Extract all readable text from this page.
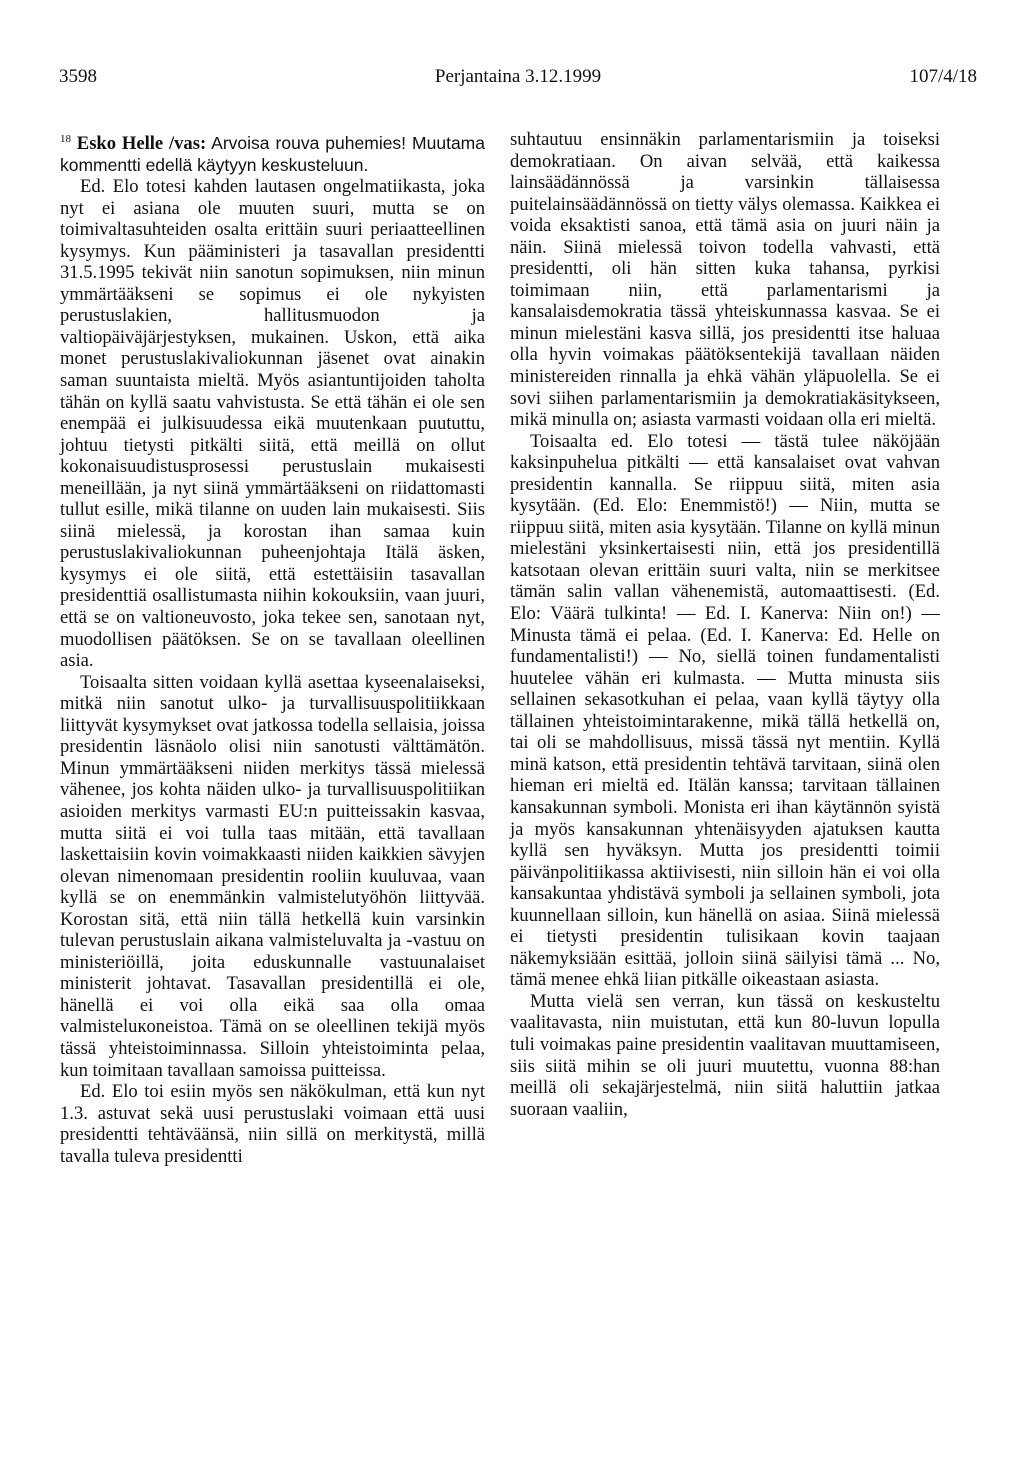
3598	Perjantaina 3.12.1999	107/4/18

$^{18}$ Esko Helle /vas: Arvoisa rouva puhemies! Muutama kommentti edellä käytyyn keskusteluun.

Ed. Elo totesi kahden lautasen ongelmatiikasta, joka nyt ei asiana ole muuten suuri, mutta se on toimivaltasuhteiden osalta erittäin suuri periaatteellinen kysymys. Kun pääministeri ja tasavallan presidentti 31.5.1995 tekivät niin sanotun sopimuksen, niin minun ymmärtääkseni se sopimus ei ole nykyisten perustuslakien, hallitusmuodon ja valtiopäiväjärjestyksen, mukainen. Uskon, että aika monet perustuslakivaliokunnan jäsenet ovat ainakin saman suuntaista mieltä. Myös asiantuntijoiden taholta tähän on kyllä saatu vahvistusta. Se että tähän ei ole sen enempää ei julkisuudessa eikä muutenkaan puututtu, johtuu tietysti pitkälti siitä, että meillä on ollut kokonaisuudistusprosessi perustuslain mukaisesti meneillään, ja nyt siinä ymmärtääkseni on riidattomasti tullut esille, mikä tilanne on uuden lain mukaisesti. Siis siinä mielessä, ja korostan ihan samaa kuin perustuslakivaliokunnan puheenjohtaja Itälä äsken, kysymys ei ole siitä, että estettäisiin tasavallan presidenttiä osallistumasta niihin kokouksiin, vaan juuri, että se on valtioneuvosto, joka tekee sen, sanotaan nyt, muodollisen päätöksen. Se on se tavallaan oleellinen asia.

Toisaalta sitten voidaan kyllä asettaa kyseenalaiseksi, mitkä niin sanotut ulko- ja turvallisuuspolitiikkaan liittyvät kysymykset ovat jatkossa todella sellaisia, joissa presidentin läsnäolo olisi niin sanotusti välttämätön. Minun ymmärtääkseni niiden merkitys tässä mielessä vähenee, jos kohta näiden ulko- ja turvallisuuspolitiikan asioiden merkitys varmasti EU:n puitteissakin kasvaa, mutta siitä ei voi tulla taas mitään, että tavallaan laskettaisiin kovin voimakkaasti niiden kaikkien sävyjen olevan nimenomaan presidentin rooliin kuuluvaa, vaan kyllä se on enemmänkin valmistelutyöhön liittyvää. Korostan sitä, että niin tällä hetkellä kuin varsinkin tulevan perustuslain aikana valmisteluvalta ja -vastuu on ministeriöillä, joita eduskunnalle vastuunalaiset ministerit johtavat. Tasavallan presidentillä ei ole, hänellä ei voi olla eikä saa olla omaa valmisteluкoneistoa. Tämä on se oleellinen tekijä myös tässä yhteistoiminnassa. Silloin yhteistoiminta pelaa, kun toimitaan tavallaan samoissa puitteissa.

Ed. Elo toi esiin myös sen näkökulman, että kun nyt 1.3. astuvat sekä uusi perustuslaki voimaan että uusi presidentti tehtäväänsä, niin sillä on merkitystä, millä tavalla tuleva presidentti

suhtautuu ensinnäkin parlamentarismiin ja toiseksi demokratiaan. On aivan selvää, että kaikessa lainsäädännössä ja varsinkin tällaisessa puitelainsäädännössä on tietty välys olemassa. Kaikkea ei voida eksaktisti sanoa, että tämä asia on juuri näin ja näin. Siinä mielessä toivon todella vahvasti, että presidentti, oli hän sitten kuka tahansa, pyrkisi toimimaan niin, että parlamentarismi ja kansalaisdemokratia tässä yhteiskunnassa kasvaa. Se ei minun mielestäni kasva sillä, jos presidentti itse haluaa olla hyvin voimakas päätöksentekijä tavallaan näiden ministereiden rinnalla ja ehkä vähän yläpuolella. Se ei sovi siihen parlamentarismiin ja demokratiakäsitykseen, mikä minulla on; asiasta varmasti voidaan olla eri mieltä.

Toisaalta ed. Elo totesi — tästä tulee näköjään kaksinpuhelua pitkälti — että kansalaiset ovat vahvan presidentin kannalla. Se riippuu siitä, miten asia kysytään. (Ed. Elo: Enemmistö!) — Niin, mutta se riippuu siitä, miten asia kysytään. Tilanne on kyllä minun mielestäni yksinkertaisesti niin, että jos presidentillä katsotaan olevan erittäin suuri valta, niin se merkitsee tämän salin vallan vähenemistä, automaattisesti. (Ed. Elo: Väärä tulkinta! — Ed. I. Kanerva: Niin on!) — Minusta tämä ei pelaa. (Ed. I. Kanerva: Ed. Helle on fundamentalisti!) — No, siellä toinen fundamentalisti huutelee vähän eri kulmasta. — Mutta minusta siis sellainen sekasotkuhan ei pelaa, vaan kyllä täytyy olla tällainen yhteistoimintarakenne, mikä tällä hetkellä on, tai oli se mahdollisuus, missä tässä nyt mentiin. Kyllä minä katson, että presidentin tehtävä tarvitaan, siinä olen hieman eri mieltä ed. Itälän kanssa; tarvitaan tällainen kansakunnan symboli. Monista eri ihan käytännön syistä ja myös kansakunnan yhtenäisyyden ajatuksen kautta kyllä sen hyväksyn. Mutta jos presidentti toimii päivänpolitiikassa aktiivisesti, niin silloin hän ei voi olla kansakuntaa yhdistävä symboli ja sellainen symboli, jota kuunnellaan silloin, kun hänellä on asiaa. Siinä mielessä ei tietysti presidentin tulisikaan kovin taajaan näkemyksiään esittää, jolloin siinä säilyisi tämä ... No, tämä menee ehkä liian pitkälle oikeastaan asiasta.

Mutta vielä sen verran, kun tässä on keskusteltu vaalitavasta, niin muistutan, että kun 80-luvun lopulla tuli voimakas paine presidentin vaalitavan muuttamiseen, siis siitä mihin se oli juuri muutettu, vuonna 88:han meillä oli sekajärjestelmä, niin siitä haluttiin jatkaa suoraan vaaliin,
